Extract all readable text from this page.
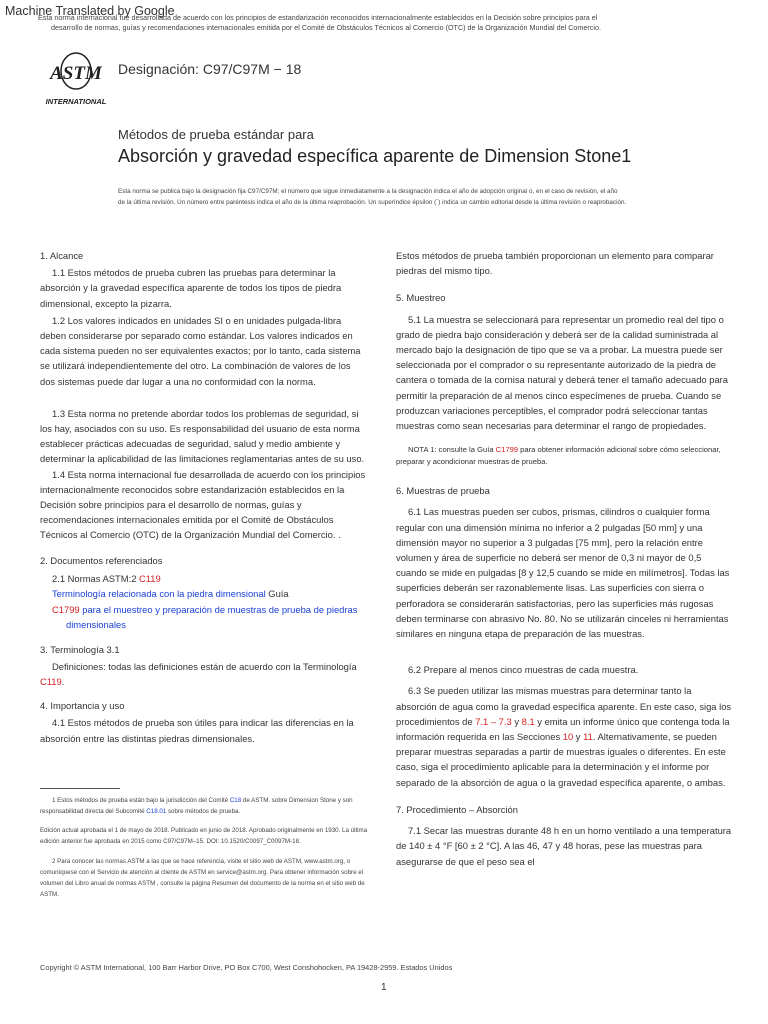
Machine Translated by Google
Esta norma internacional fue desarrollada de acuerdo con los principios de estandarización reconocidos internacionalmente establecidos en la Decisión sobre principios para el
desarrollo de normas, guías y recomendaciones internacionales emitida por el Comité de Obstáculos Técnicos al Comercio (OTC) de la Organización Mundial del Comercio.
ASTM
INTERNATIONAL
Designación: C97/C97M − 18
Métodos de prueba estándar para
Absorción y gravedad específica aparente de Dimension Stone1
Esta norma se publica bajo la designación fija C97/C97M; el número que sigue inmediatamente a la designación indica el año de adopción original o, en el caso de revisión, el año
de la última revisión. Un número entre paréntesis indica el año de la última reaprobación. Un superíndice épsilon (´) indica un cambio editorial desde la última revisión o reaprobación.

1. Alcance

1.1 Estos métodos de prueba cubren las pruebas para determinar la absorción y la gravedad específica aparente de todos los tipos de piedra dimensional, excepto la pizarra.

1.2 Los valores indicados en unidades SI o en unidades pulgada-libra deben considerarse por separado como estándar. Los valores indicados en cada sistema pueden no ser equivalentes exactos; por lo tanto, cada sistema se utilizará independientemente del otro. La combinación de valores de los dos sistemas puede dar lugar a una no conformidad con la norma.

1.3 Esta norma no pretende abordar todos los problemas de seguridad, si los hay, asociados con su uso. Es responsabilidad del usuario de esta norma establecer prácticas adecuadas de seguridad, salud y medio ambiente y determinar la aplicabilidad de las limitaciones reglamentarias antes de su uso.

1.4 Esta norma internacional fue desarrollada de acuerdo con los principios internacionalmente reconocidos sobre estandarización establecidos en la Decisión sobre principios para el desarrollo de normas, guías y recomendaciones internacionales emitida por el Comité de Obstáculos Técnicos al Comercio (OTC) de la Organización Mundial del Comercio. .

2. Documentos referenciados

2.1 Normas ASTM:2 C119

Terminología relacionada con la piedra dimensional Guía

C1799 para el muestreo y preparación de muestras de prueba de piedras dimensionales

3. Terminología 3.1

Definiciones: todas las definiciones están de acuerdo con la Terminología C119.

4. Importancia y uso

4.1 Estos métodos de prueba son útiles para indicar las diferencias en la absorción entre las distintas piedras dimensionales.

1 Estos métodos de prueba están bajo la jurisdicción del Comité C18 de ASTM. sobre Dimension Stone y son responsabilidad directa del Subcomité C18.01 sobre métodos de prueba.

Edición actual aprobada el 1 de mayo de 2018. Publicado en junio de 2018. Aprobado originalmente en 1930. La última edición anterior fue aprobada en 2015 como C97/C97M–15. DOI: 10.1520/C0097_C0097M-18.

2 Para conocer las normas ASTM a las que se hace referencia, visite el sitio web de ASTM, www.astm.org, o comuníquese con el Servicio de atención al cliente de ASTM en service@astm.org. Para obtener información sobre el volumen del Libro anual de normas ASTM , consulte la página Resumen del documento de la norma en el sitio web de ASTM.

Estos métodos de prueba también proporcionan un elemento para comparar piedras del mismo tipo.

5. Muestreo

5.1 La muestra se seleccionará para representar un promedio real del tipo o grado de piedra bajo consideración y deberá ser de la calidad suministrada al mercado bajo la designación de tipo que se va a probar. La muestra puede ser seleccionada por el comprador o su representante autorizado de la piedra de cantera o tomada de la cornisa natural y deberá tener el tamaño adecuado para permitir la preparación de al menos cinco especímenes de prueba. Cuando se produzcan variaciones perceptibles, el comprador podrá seleccionar tantas muestras como sean necesarias para determinar el rango de propiedades.

NOTA 1: consulte la Guía C1799 para obtener información adicional sobre cómo seleccionar, preparar y acondicionar muestras de prueba.

6. Muestras de prueba

6.1 Las muestras pueden ser cubos, prismas, cilindros o cualquier forma regular con una dimensión mínima no inferior a 2 pulgadas [50 mm] y una dimensión mayor no superior a 3 pulgadas [75 mm], pero la relación entre volumen y área de superficie no deberá ser menor de 0,3 ni mayor de 0,5 cuando se mide en pulgadas [8 y 12,5 cuando se mide en milímetros]. Todas las superficies deberán ser razonablemente lisas. Las superficies con sierra o perforadora se considerarán satisfactorias, pero las superficies más rugosas deben terminarse con abrasivo No. 80. No se utilizarán cinceles ni herramientas similares en ninguna etapa de preparación de las muestras.

6.2 Prepare al menos cinco muestras de cada muestra.

6.3 Se pueden utilizar las mismas muestras para determinar tanto la absorción de agua como la gravedad específica aparente. En este caso, siga los procedimientos de 7.1 – 7.3 y 8.1 y emita un informe único que contenga toda la información requerida en las Secciones 10 y 11. Alternativamente, se pueden preparar muestras separadas a partir de muestras iguales o diferentes. En este caso, siga el procedimiento aplicable para la determinación y el informe por separado de la absorción de agua o la gravedad específica aparente, o ambas.

7. Procedimiento – Absorción

7.1 Secar las muestras durante 48 h en un horno ventilado a una temperatura de 140 ± 4 °F [60 ± 2 °C]. A las 46, 47 y 48 horas, pese las muestras para asegurarse de que el peso sea el

Copyright © ASTM International, 100 Barr Harbor Drive, PO Box C700, West Conshohocken, PA 19428-2959. Estados Unidos
1
